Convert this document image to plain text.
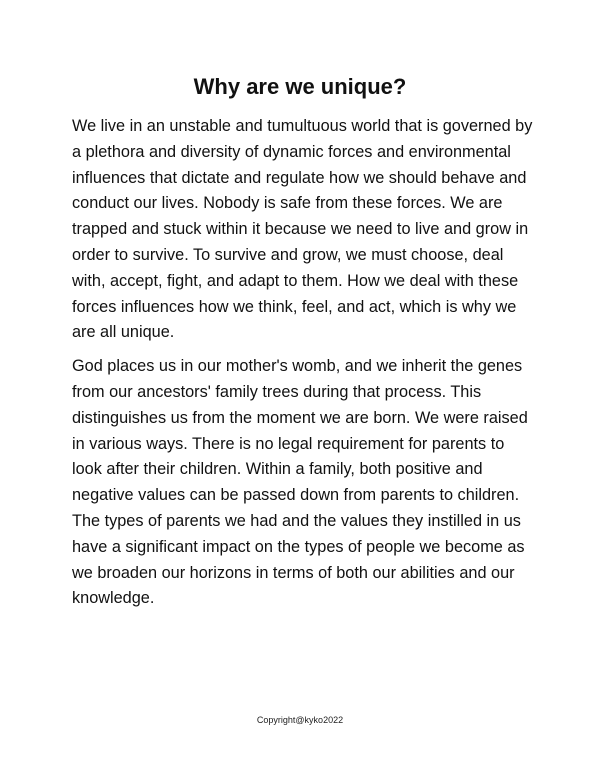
Why are we unique?

We live in an unstable and tumultuous world that is governed by a plethora and diversity of dynamic forces and environmental influences that dictate and regulate how we should behave and conduct our lives. Nobody is safe from these forces. We are trapped and stuck within it because we need to live and grow in order to survive. To survive and grow, we must choose, deal with, accept, fight, and adapt to them. How we deal with these forces influences how we think, feel, and act, which is why we are all unique.

God places us in our mother's womb, and we inherit the genes from our ancestors' family trees during that process. This distinguishes us from the moment we are born. We were raised in various ways. There is no legal requirement for parents to look after their children. Within a family, both positive and negative values can be passed down from parents to children. The types of parents we had and the values they instilled in us have a significant impact on the types of people we become as we broaden our horizons in terms of both our abilities and our knowledge.

Copyright@kyko2022
